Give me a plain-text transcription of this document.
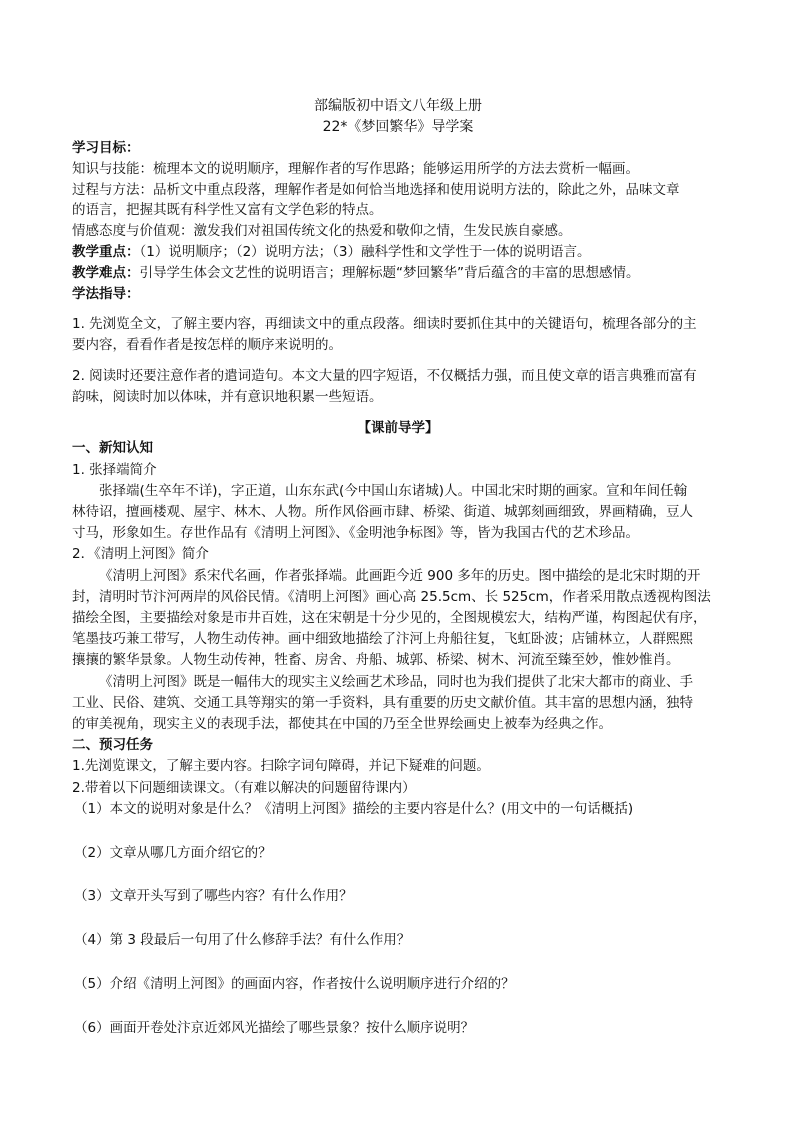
部编版初中语文八年级上册
22*《梦回繁华》导学案
学习目标：
知识与技能：梳理本文的说明顺序，理解作者的写作思路；能够运用所学的方法去赏析一幅画。
过程与方法：品析文中重点段落，理解作者是如何恰当地选择和使用说明方法的，除此之外，品味文章
的语言，把握其既有科学性又富有文学色彩的特点。
情感态度与价值观：激发我们对祖国传统文化的热爱和敬仰之情，生发民族自豪感。
教学重点：（1）说明顺序；（2）说明方法；（3）融科学性和文学性于一体的说明语言。
教学难点：引导学生体会文艺性的说明语言；理解标题“梦回繁华”背后蕴含的丰富的思想感情。
学法指导：
1. 先浏览全文，了解主要内容，再细读文中的重点段落。细读时要抓住其中的关键语句，梳理各部分的主
要内容，看看作者是按怎样的顺序来说明的。
2. 阅读时还要注意作者的遣词造句。本文大量的四字短语，不仅概括力强，而且使文章的语言典雅而富有
韵味，阅读时加以体味，并有意识地积累一些短语。
【课前导学】
一、新知认知
1. 张择端简介
张择端(生卒年不详)，字正道，山东东武(今中国山东诸城)人。中国北宋时期的画家。宣和年间任翰
林待诏，擅画楼观、屋宇、林木、人物。所作风俗画市肆、桥梁、街道、城郭刻画细致，界画精确，豆人
寸马，形象如生。存世作品有《清明上河图》、《金明池争标图》等，皆为我国古代的艺术珍品。
2．《清明上河图》简介
《清明上河图》系宋代名画，作者张择端。此画距今近 900 多年的历史。图中描绘的是北宋时期的开
封，清明时节汴河两岸的风俗民情。《清明上河图》画心高 25.5cm、长 525cm，作者采用散点透视构图法
描绘全图，主要描绘对象是市井百姓，这在宋朝是十分少见的，全图规模宏大，结构严谨，构图起伏有序，
笔墨技巧兼工带写，人物生动传神。画中细致地描绘了汴河上舟船往复，飞虹卧波；店铺林立，人群熙熙
攘攘的繁华景象。人物生动传神，牲畜、房舍、舟船、城郭、桥梁、树木、河流至臻至妙，惟妙惟肖。
《清明上河图》既是一幅伟大的现实主义绘画艺术珍品，同时也为我们提供了北宋大都市的商业、手
工业、民俗、建筑、交通工具等翔实的第一手资料，具有重要的历史文献价值。其丰富的思想内涵，独特
的审美视角，现实主义的表现手法，都使其在中国的乃至全世界绘画史上被奉为经典之作。
二、预习任务
1.先浏览课文，了解主要内容。扫除字词句障碍，并记下疑难的问题。
2.带着以下问题细读课文。（有难以解决的问题留待课内）
（1）本文的说明对象是什么？《清明上河图》描绘的主要内容是什么？(用文中的一句话概括)
（2）文章从哪几方面介绍它的？
（3）文章开头写到了哪些内容？有什么作用？
（4）第 3 段最后一句用了什么修辞手法？有什么作用？
（5）介绍《清明上河图》的画面内容，作者按什么说明顺序进行介绍的？
（6）画面开卷处汴京近郊风光描绘了哪些景象？按什么顺序说明？
